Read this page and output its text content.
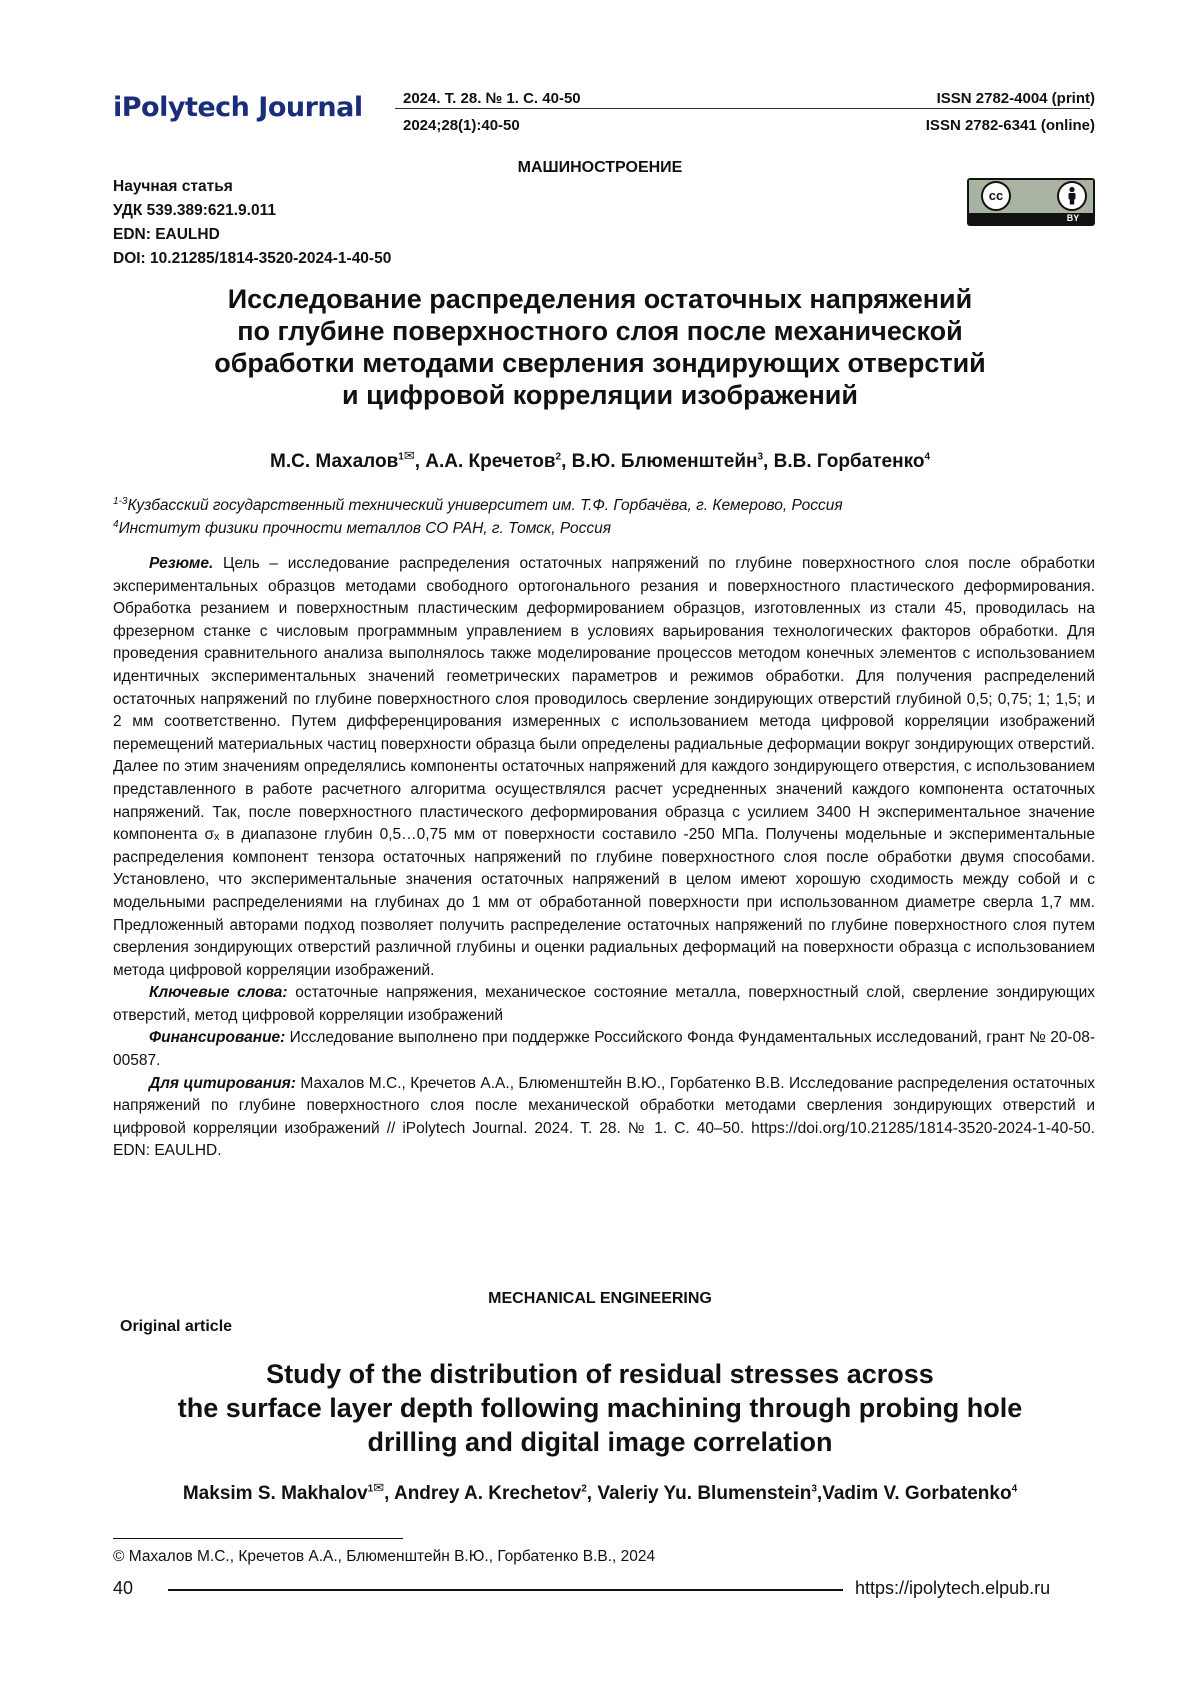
iPolytech Journal	2024. Т. 28. № 1. С. 40-50	ISSN 2782-4004 (print)
2024;28(1):40-50	ISSN 2782-6341 (online)
МАШИНОСТРОЕНИЕ
Научная статья
УДК 539.389:621.9.011
EDN: EAULHD
DOI: 10.21285/1814-3520-2024-1-40-50
cc
BY
Исследование распределения остаточных напряжений
по глубине поверхностного слоя после механической
обработки методами сверления зондирующих отверстий
и цифровой корреляции изображений
М.С. Махалов$^{1✉}$, А.А. Кречетов$^2$, В.Ю. Блюменштейн$^3$, В.В. Горбатенко$^4$
$^{1-3}$Кузбасский государственный технический университет им. Т.Ф. Горбачёва, г. Кемерово, Россия
$^4$Институт физики прочности металлов СО РАН, г. Томск, Россия

Резюме. Цель – исследование распределения остаточных напряжений по глубине поверхностного слоя после обработки экспериментальных образцов методами свободного ортогонального резания и поверхностного пластического деформирования. Обработка резанием и поверхностным пластическим деформированием образцов, изготовленных из стали 45, проводилась на фрезерном станке с числовым программным управлением в условиях варьирования технологических факторов обработки. Для проведения сравнительного анализа выполнялось также моделирование процессов методом конечных элементов с использованием идентичных экспериментальных значений геометрических параметров и режимов обработки. Для получения распределений остаточных напряжений по глубине поверхностного слоя проводилось сверление зондирующих отверстий глубиной 0,5; 0,75; 1; 1,5; и 2 мм соответственно. Путем дифференцирования измеренных с использованием метода цифровой корреляции изображений перемещений материальных частиц поверхности образца были определены радиальные деформации вокруг зондирующих отверстий. Далее по этим значениям определялись компоненты остаточных напряжений для каждого зондирующего отверстия, с использованием представленного в работе расчетного алгоритма осуществлялся расчет усредненных значений каждого компонента остаточных напряжений. Так, после поверхностного пластического деформирования образца с усилием 3400 Н экспериментальное значение компонента σₓ в диапазоне глубин 0,5…0,75 мм от поверхности составило -250 МПа. Получены модельные и экспериментальные распределения компонент тензора остаточных напряжений по глубине поверхностного слоя после обработки двумя способами. Установлено, что экспериментальные значения остаточных напряжений в целом имеют хорошую сходимость между собой и с модельными распределениями на глубинах до 1 мм от обработанной поверхности при использованном диаметре сверла 1,7 мм. Предложенный авторами подход позволяет получить распределение остаточных напряжений по глубине поверхностного слоя путем сверления зондирующих отверстий различной глубины и оценки радиальных деформаций на поверхности образца с использованием метода цифровой корреляции изображений.

Ключевые слова: остаточные напряжения, механическое состояние металла, поверхностный слой, сверление зондирующих отверстий, метод цифровой корреляции изображений

Финансирование: Исследование выполнено при поддержке Российского Фонда Фундаментальных исследований, грант № 20-08-00587.

Для цитирования: Махалов М.С., Кречетов А.А., Блюменштейн В.Ю., Горбатенко В.В. Исследование распределения остаточных напряжений по глубине поверхностного слоя после механической обработки методами сверления зондирующих отверстий и цифровой корреляции изображений // iPolytech Journal. 2024. Т. 28. № 1. С. 40–50. https://doi.org/10.21285/1814-3520-2024-1-40-50. EDN: EAULHD.

MECHANICAL ENGINEERING
Original article
Study of the distribution of residual stresses across
the surface layer depth following machining through probing hole
drilling and digital image correlation
Maksim S. Makhalov$^{1✉}$, Andrey A. Krechetov$^2$, Valeriy Yu. Blumenstein$^3$,Vadim V. Gorbatenko$^4$
© Махалов М.С., Кречетов А.А., Блюменштейн В.Ю., Горбатенко В.В., 2024
40	https://ipolytech.elpub.ru
